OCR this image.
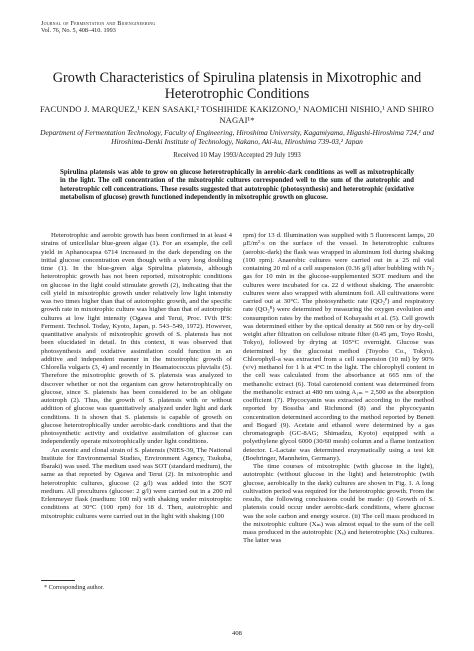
Journal of Fermentation and Bioengineering
Vol. 76, No. 5, 408–410. 1993
Growth Characteristics of Spirulina platensis in Mixotrophic and Heterotrophic Conditions
FACUNDO J. MARQUEZ,¹ KEN SASAKI,² TOSHIHIDE KAKIZONO,¹ NAOMICHI NISHIO,¹ AND SHIRO NAGAI¹*
Department of Fermentation Technology, Faculty of Engineering, Hiroshima University, Kagamiyama, Higashi-Hiroshima 724,¹ and Hiroshima-Denki Institute of Technology, Nakano, Aki-ku, Hiroshima 739-03,² Japan
Received 10 May 1993/Accepted 29 July 1993
Spirulina platensis was able to grow on glucose heterotrophically in aerobic-dark conditions as well as mixotrophically in the light. The cell concentration of the mixotrophic cultures corresponded well to the sum of the autotrophic and heterotrophic cell concentrations. These results suggested that autotrophic (photosynthesis) and heterotrophic (oxidative metabolism of glucose) growth functioned independently in mixotrophic growth on glucose.

Heterotrophic and aerobic growth has been confirmed in at least 4 strains of unicellular blue-green algae (1). For an example, the cell yield in Aphanocapsa 6714 increased in the dark depending on the initial glucose concentration even though with a very long doubling time (1). In the blue-green alga Spirulina platensis, although heterotrophic growth has not been reported, mixotrophic conditions on glucose in the light could stimulate growth (2), indicating that the cell yield in mixotrophic growth under relatively low light intensity was two times higher than that of autotrophic growth, and the specific growth rate in mixotrophic culture was higher than that of autotrophic cultures at low light intensity (Ogawa and Terui, Proc. IVth IFS: Ferment. Technol. Today, Kyoto, Japan, p. 543–549, 1972). However, quantitative analysis of mixotrophic growth of S. platensis has not been elucidated in detail. In this context, it was observed that photosynthesis and oxidative assimilation could function in an additive and independent manner in the mixotrophic growth of Chlorella vulgaris (3, 4) and recently in Heamatococcus pluvialis (5). Therefore the mixotrophic growth of S. platensis was analyzed to discover whether or not the organism can grow heterotrophically on glucose, since S. platensis has been considered to be an obligate autotroph (2). Thus, the growth of S. platensis with or without addition of glucose was quantitatively analyzed under light and dark conditions. It is shown that S. platensis is capable of growth on glucose heterotrophically under aerobic-dark conditions and that the photosynthetic activity and oxidative assimilation of glucose can independently operate mixotrophically under light conditions.

An axenic and clonal strain of S. platensis (NIES-39, The National Institute for Environmental Studies, Environment Agency, Tsukuba, Ibaraki) was used. The medium used was SOT (standard medium), the same as that reported by Ogawa and Terui (2). In mixotrophic and heterotrophic cultures, glucose (2 g/l) was added into the SOT medium. All precultures (glucose: 2 g/l) were carried out in a 200 ml Erlenmeyer flask (medium: 100 ml) with shaking under mixotrophic conditions at 30°C (100 rpm) for 18 d. Then, autotrophic and mixotrophic cultures were carried out in the light with shaking (100

rpm) for 13 d. Illumination was supplied with 5 fluorescent lamps, 20 μE/m²·s on the surface of the vessel. In heterotrophic cultures (aerobic-dark) the flask was wrapped in aluminum foil during shaking (100 rpm). Anaerobic cultures were carried out in a 25 ml vial containing 20 ml of a cell suspension (0.36 g/l) after bubbling with N₂ gas for 10 min in the glucose-supplemented SOT medium and the cultures were incubated for ca. 22 d without shaking. The anaerobic cultures were also wrapped with aluminum foil. All cultivations were carried out at 30°C. The photosynthetic rate (QO₂ᴾ) and respiratory rate (QO₂ᴿ) were determined by measuring the oxygen evolution and consumption rates by the method of Kobayashi et al. (5). Cell growth was determined either by the optical density at 560 nm or by dry-cell weight after filtration on cellulose nitrate filter (0.45 μm, Toyo Roshi, Tokyo), followed by drying at 105°C overnight. Glucose was determined by the glucostat method (Toyobo Co., Tokyo). Chlorophyll-a was extracted from a cell suspension (10 ml) by 90% (v/v) methanol for 1 h at 4°C in the light. The chlorophyll content in the cell was calculated from the absorbance at 665 nm of the methanolic extract (6). Total carotenoid content was determined from the methanolic extract at 480 nm using A₁ₘ = 2,500 as the absorption coefficient (7). Phycocyanin was extracted according to the method reported by Bossiba and Richmond (8) and the phycocyanin concentration determined according to the method reported by Benett and Bogard (9). Acetate and ethanol were determined by a gas chromatograph (GC-8AG; Shimadzu, Kyoto) equipped with a polyethylene glycol 6000 (30/60 mesh) column and a flame ionization detector. L-Lactate was determined enzymatically using a test kit (Boehringer, Mannheim, Germany).

The time courses of mixotrophic (with glucose in the light), autotrophic (without glucose in the light) and heterotrophic (with glucose, aerobically in the dark) cultures are shown in Fig. 1. A long cultivation period was required for the heterotrophic growth. From the results, the following conclusions could be made: (i) Growth of S. platensis could occur under aerobic-dark conditions, where glucose was the sole carbon and energy source. (ii) The cell mass produced in the mixotrophic culture (Xₘ) was almost equal to the sum of the cell mass produced in the autotrophic (Xₐ) and heterotrophic (Xₕ) cultures. The latter was

* Corresponding author.
408
